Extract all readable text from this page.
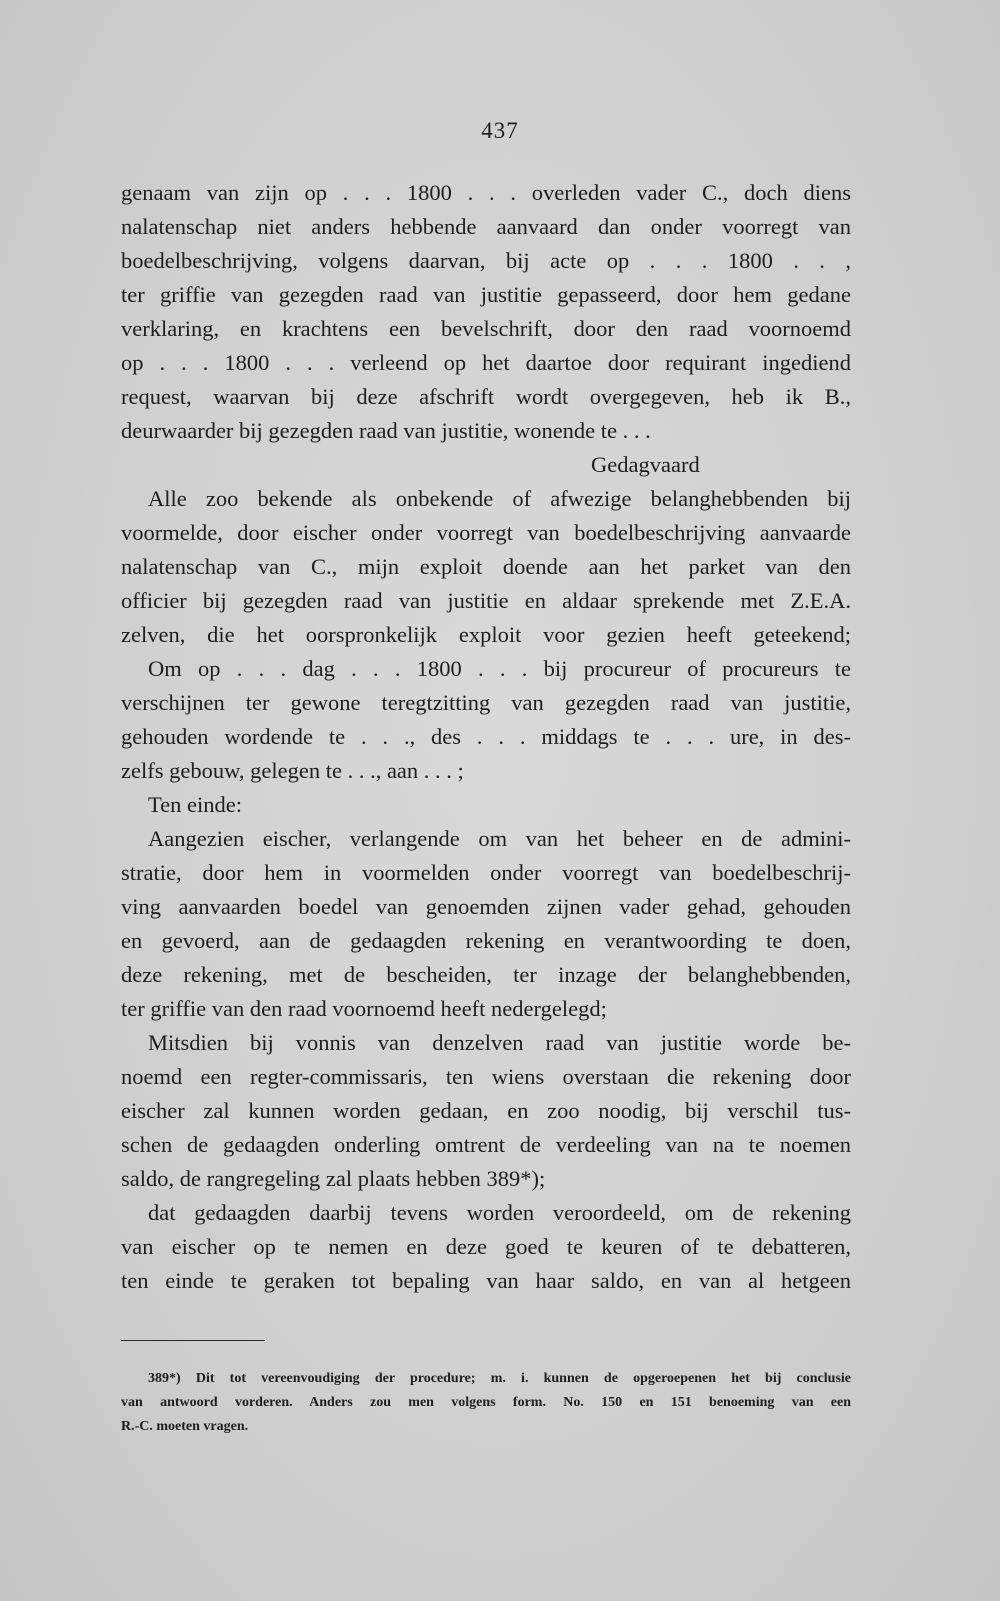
437
genaam van zijn op . . . 1800 . . . overleden vader C., doch diens
nalatenschap niet anders hebbende aanvaard dan onder voorregt van
boedelbeschrijving, volgens daarvan, bij acte op . . . 1800 . . ,
ter griffie van gezegden raad van justitie gepasseerd, door hem gedane
verklaring, en krachtens een bevelschrift, door den raad voornoemd
op . . . 1800 . . . verleend op het daartoe door requirant ingediend
request, waarvan bij deze afschrift wordt overgegeven, heb ik B.,
deurwaarder bij gezegden raad van justitie, wonende te . . .
Gedagvaard
Alle zoo bekende als onbekende of afwezige belanghebbenden bij
voormelde, door eischer onder voorregt van boedelbeschrijving aanvaarde
nalatenschap van C., mijn exploit doende aan het parket van den
officier bij gezegden raad van justitie en aldaar sprekende met Z.E.A.
zelven, die het oorspronkelijk exploit voor gezien heeft geteekend;
Om op . . . dag . . . 1800 . . . bij procureur of procureurs te
verschijnen ter gewone teregtzitting van gezegden raad van justitie,
gehouden wordende te . . ., des . . . middags te . . . ure, in des-
zelfs gebouw, gelegen te . . ., aan . . . ;
Ten einde:
Aangezien eischer, verlangende om van het beheer en de admini-
stratie, door hem in voormelden onder voorregt van boedelbeschrij-
ving aanvaarden boedel van genoemden zijnen vader gehad, gehouden
en gevoerd, aan de gedaagden rekening en verantwoording te doen,
deze rekening, met de bescheiden, ter inzage der belanghebbenden,
ter griffie van den raad voornoemd heeft nedergelegd;
Mitsdien bij vonnis van denzelven raad van justitie worde be-
noemd een regter-commissaris, ten wiens overstaan die rekening door
eischer zal kunnen worden gedaan, en zoo noodig, bij verschil tus-
schen de gedaagden onderling omtrent de verdeeling van na te noemen
saldo, de rangregeling zal plaats hebben 389*);
dat gedaagden daarbij tevens worden veroordeeld, om de rekening
van eischer op te nemen en deze goed te keuren of te debatteren,
ten einde te geraken tot bepaling van haar saldo, en van al hetgeen
389*) Dit tot vereenvoudiging der procedure; m. i. kunnen de opgeroepenen het bij conclusie
van antwoord vorderen. Anders zou men volgens form. No. 150 en 151 benoeming van een
R.-C. moeten vragen.
